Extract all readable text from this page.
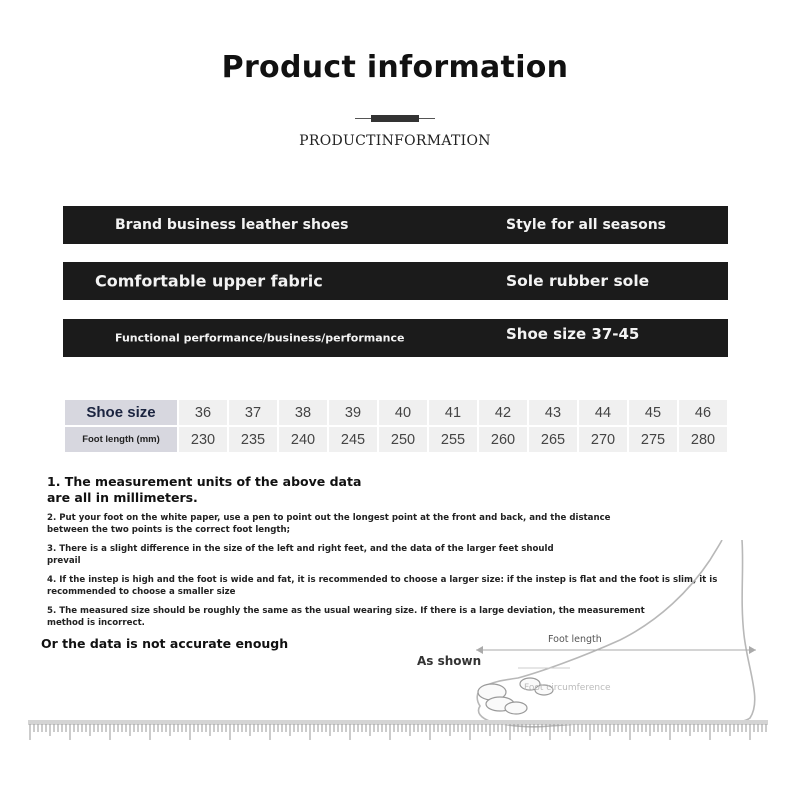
Product information
PRODUCTINFORMATION
Brand business leather shoes	Style for all seasons
Comfortable upper fabric	Sole rubber sole
Functional performance/business/performance	Shoe size 37-45
Shoe size	36	37	38	39	40	41	42	43	44	45	46
Foot length (mm)	230	235	240	245	250	255	260	265	270	275	280
1. The measurement units of the above data are all in millimeters.
2. Put your foot on the white paper, use a pen to point out the longest point at the front and back, and the distance between the two points is the correct foot length;
3. There is a slight difference in the size of the left and right feet, and the data of the larger feet should prevail
4. If the instep is high and the foot is wide and fat, it is recommended to choose a larger size: if the instep is flat and the foot is slim, it is recommended to choose a smaller size
5. The measured size should be roughly the same as the usual wearing size. If there is a large deviation, the measurement method is incorrect.
Or the data is not accurate enough
As shown
Foot length
Foot circumference
